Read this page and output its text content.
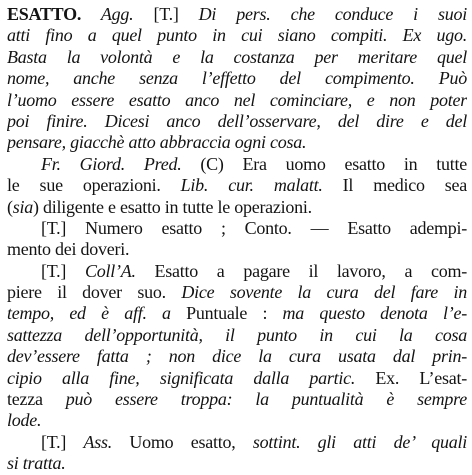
ESATTO. Agg. [T.] Di pers. che conduce i suoi
atti fino a quel punto in cui siano compiti. Ex ugo.
Basta la volontà e la costanza per meritare quel
nome, anche senza l’effetto del compimento. Può
l’uomo essere esatto anco nel cominciare, e non poter
poi finire. Dicesi anco dell’osservare, del dire e del
pensare, giacchè atto abbraccia ogni cosa.
Fr. Giord. Pred. (C) Era uomo esatto in tutte
le sue operazioni. Lib. cur. malatt. Il medico sea
(sia) diligente e esatto in tutte le operazioni.
[T.] Numero esatto ; Conto. — Esatto adempi-
mento dei doveri.
[T.] Coll’A. Esatto a pagare il lavoro, a com-
piere il dover suo. Dice sovente la cura del fare in
tempo, ed è aff. a Puntuale : ma questo denota l’e-
sattezza dell’opportunità, il punto in cui la cosa
dev’essere fatta ; non dice la cura usata dal prin-
cipio alla fine, significata dalla partic. Ex. L’esat-
tezza può essere troppa: la puntualità è sempre
lode.
[T.] Ass. Uomo esatto, sottint. gli atti de’ quali
si tratta.
